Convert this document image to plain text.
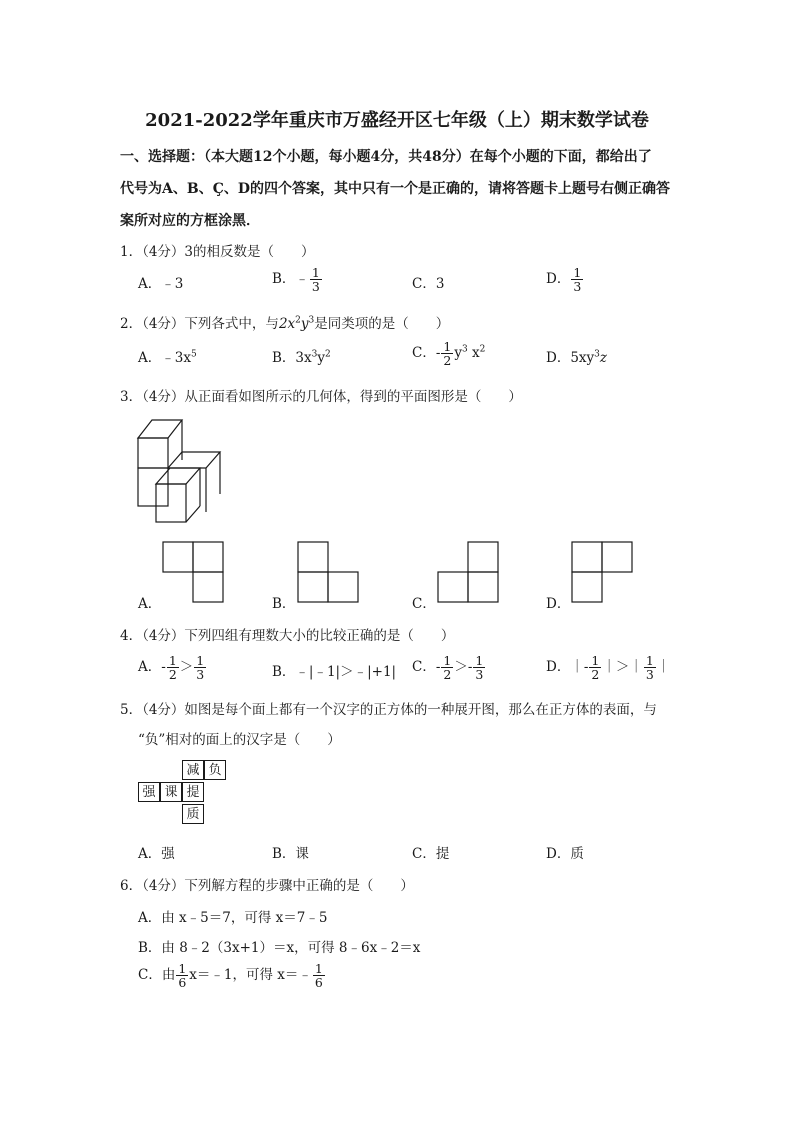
2021-2022学年重庆市万盛经开区七年级（上）期末数学试卷
一、选择题：（本大题12个小题，每小题4分，共48分）在每个小题的下面，都给出了
代号为A、B、Ç、D的四个答案，其中只有一个是正确的，请将答题卡上题号右侧正确答
案所对应的方框涂黑．
1．（4分）3的相反数是（　　）
A．﹣3	B．﹣ $\frac{1}{3}$	C．3	D． $\frac{1}{3}$
2．（4分）下列各式中，与$2x^2y^3$是同类项的是（　　）
A．$﹣3x^5$	B．$3x^3y^2$	C．- $\frac{1}{2} y^3$ $x^2$
D．$5xy^3z$
3．（4分）从正面看如图所示的几何体，得到的平面图形是（　　）
A．	B．	C．	D．
4．（4分）下列四组有理数大小的比较正确的是（　　）
A．- $\frac{1}{2} > \frac{1}{3}$	B．﹣|﹣1|＞﹣|+1| C．- $\frac{1}{2} >- \frac{1}{3}$	D．｜- $\frac{1}{2}$ ｜＞｜ $\frac{1}{3}$ ｜
5．（4分）如图是每个面上都有一个汉字的正方体的一种展开图，那么在正方体的表面，与
“负”相对的面上的汉字是（　　）
减 负
强 课 提
质
A．强	B．课	C．提	D．质
6．（4分）下列解方程的步骤中正确的是（　　）
A．由 x﹣5＝7，可得 x＝7﹣5
B．由 8﹣2（3x+1）＝x，可得 8﹣6x﹣2＝x
C．由 $\frac{1}{6}$ x＝﹣1，可得 x＝﹣ $\frac{1}{6}$
